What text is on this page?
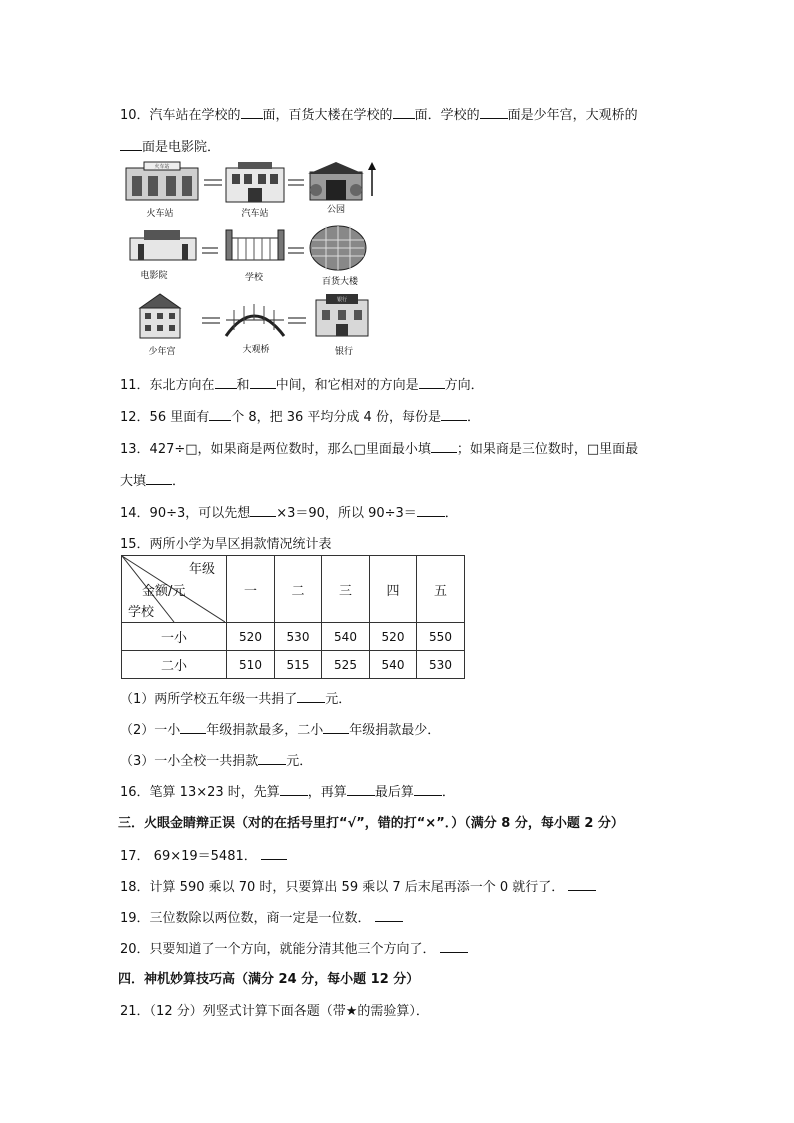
10．汽车站在学校的 面，百货大楼在学校的 面．学校的 面是少年宫，大观桥的
面是电影院．
火车站
火车站	汽车站	公园
电影院	学校	百货大楼
少年宫	大观桥
银行
银行
11．东北方向在 和 中间，和它相对的方向是 方向．
12．56 里面有 个 8，把 36 平均分成 4 份，每份是 ．
13．427÷□，如果商是两位数时，那么□里面最小填 ；如果商是三位数时，□里面最
大填 ．
14．90÷3，可以先想 ×3＝90，所以 90÷3＝ ．
15．两所小学为旱区捐款情况统计表
年级
金额/元
学校	一	二	三	四	五
一小	520	530	540	520	550
二小	510	515	525	540	530
（1）两所学校五年级一共捐了 元．
（2）一小 年级捐款最多，二小 年级捐款最少．
（3）一小全校一共捐款 元．
16．笔算 13×23 时，先算 ，再算 最后算 ．
三．火眼金睛辩正误（对的在括号里打“√”，错的打“×”．）（满分 8 分，每小题 2 分）
17． 69×19＝5481．
18．计算 590 乘以 70 时，只要算出 59 乘以 7 后末尾再添一个 0 就行了．
19．三位数除以两位数，商一定是一位数．
20．只要知道了一个方向，就能分清其他三个方向了．
四．神机妙算技巧高（满分 24 分，每小题 12 分）
21．（12 分）列竖式计算下面各题（带★的需验算）．
